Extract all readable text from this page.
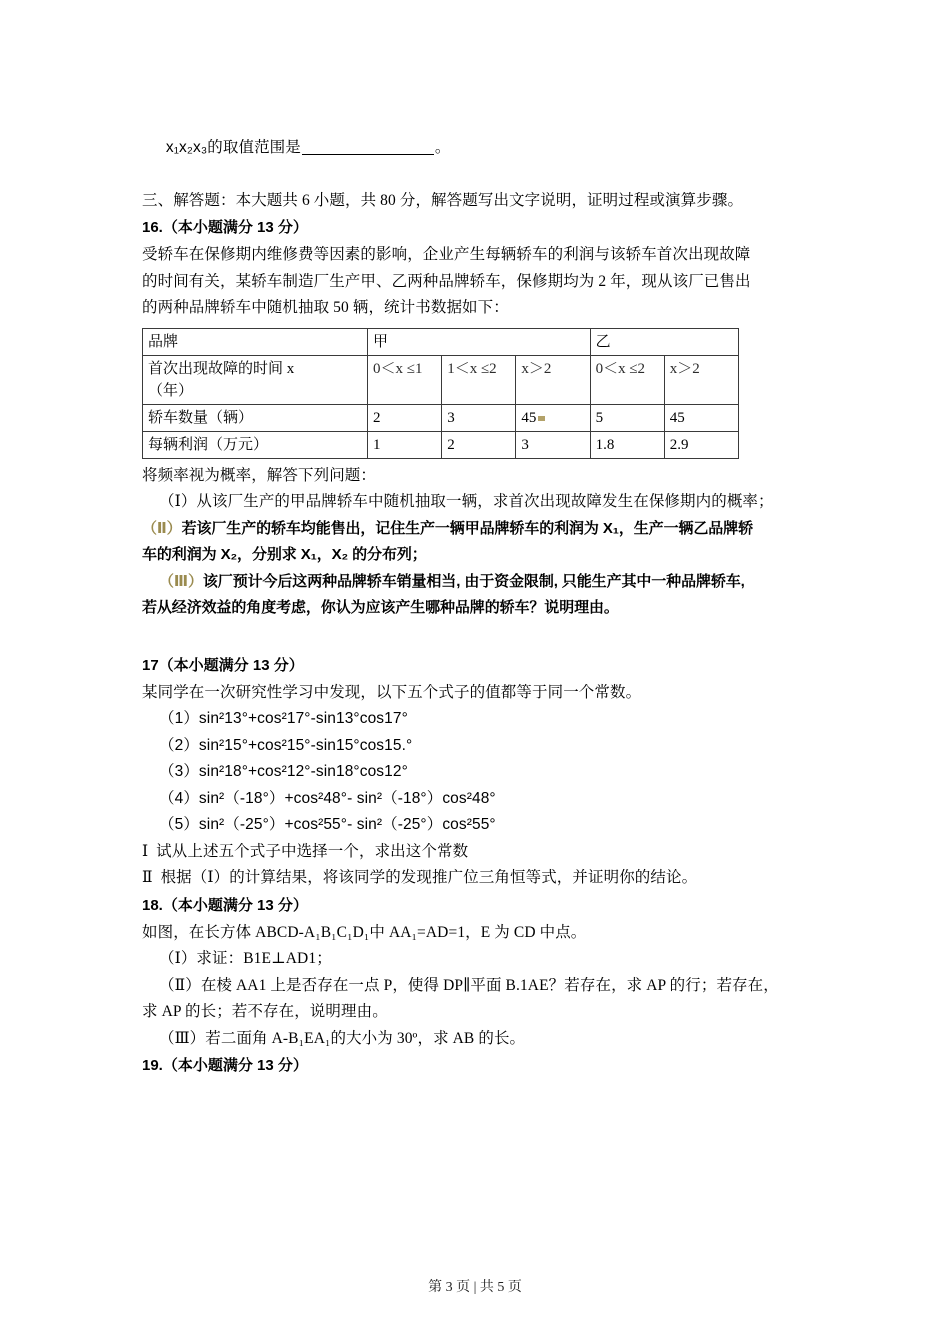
x₁x₂x₃的取值范围是	。

三、解答题：本大题共 6 小题，共 80 分，解答题写出文字说明，证明过程或演算步骤。
16.（本小题满分 13 分）
受轿车在保修期内维修费等因素的影响，企业产生每辆轿车的利润与该轿车首次出现故障
的时间有关，某轿车制造厂生产甲、乙两种品牌轿车，保修期均为 2 年，现从该厂已售出
的两种品牌轿车中随机抽取 50 辆，统计书数据如下：
品牌	甲			乙	
首次出现故障的时间 x
（年）	0＜x ≤1	1＜x ≤2	x＞2	0＜x ≤2	x＞2
轿车数量（辆）	2	3	45	5	45
每辆利润（万元）	1	2	3	1.8	2.9
将频率视为概率，解答下列问题：
（Ⅰ）从该厂生产的甲品牌轿车中随机抽取一辆，求首次出现故障发生在保修期内的概率；
（Ⅱ）若该厂生产的轿车均能售出，记住生产一辆甲品牌轿车的利润为 X₁，生产一辆乙品牌轿
车的利润为 X₂，分别求 X₁，X₂ 的分布列；
（Ⅲ）该厂预计今后这两种品牌轿车销量相当, 由于资金限制, 只能生产其中一种品牌轿车,
若从经济效益的角度考虑，你认为应该产生哪种品牌的轿车？说明理由。
17（本小题满分 13 分）
某同学在一次研究性学习中发现，以下五个式子的值都等于同一个常数。
（1）sin²13°+cos²17°-sin13°cos17°
（2）sin²15°+cos²15°-sin15°cos15.°
（3）sin²18°+cos²12°-sin18°cos12°
（4）sin²（-18°）+cos²48°- sin²（-18°）cos²48°
（5）sin²（-25°）+cos²55°- sin²（-25°）cos²55°
Ⅰ  试从上述五个式子中选择一个，求出这个常数
Ⅱ  根据（Ⅰ）的计算结果，将该同学的发现推广位三角恒等式，并证明你的结论。
18.（本小题满分 13 分）
如图，在长方体 ABCD-A₁B₁C₁D₁中 AA₁=AD=1，E 为 CD 中点。
（Ⅰ）求证：B1E⊥AD1；
（Ⅱ）在棱 AA1 上是否存在一点 P，使得 DP∥平面 B.1AE？若存在，求 AP 的行；若存在，
求 AP 的长；若不存在，说明理由。
（Ⅲ）若二面角 A-B₁EA₁的大小为 30º，求 AB 的长。
19.（本小题满分 13 分）
第 3 页 | 共 5 页
